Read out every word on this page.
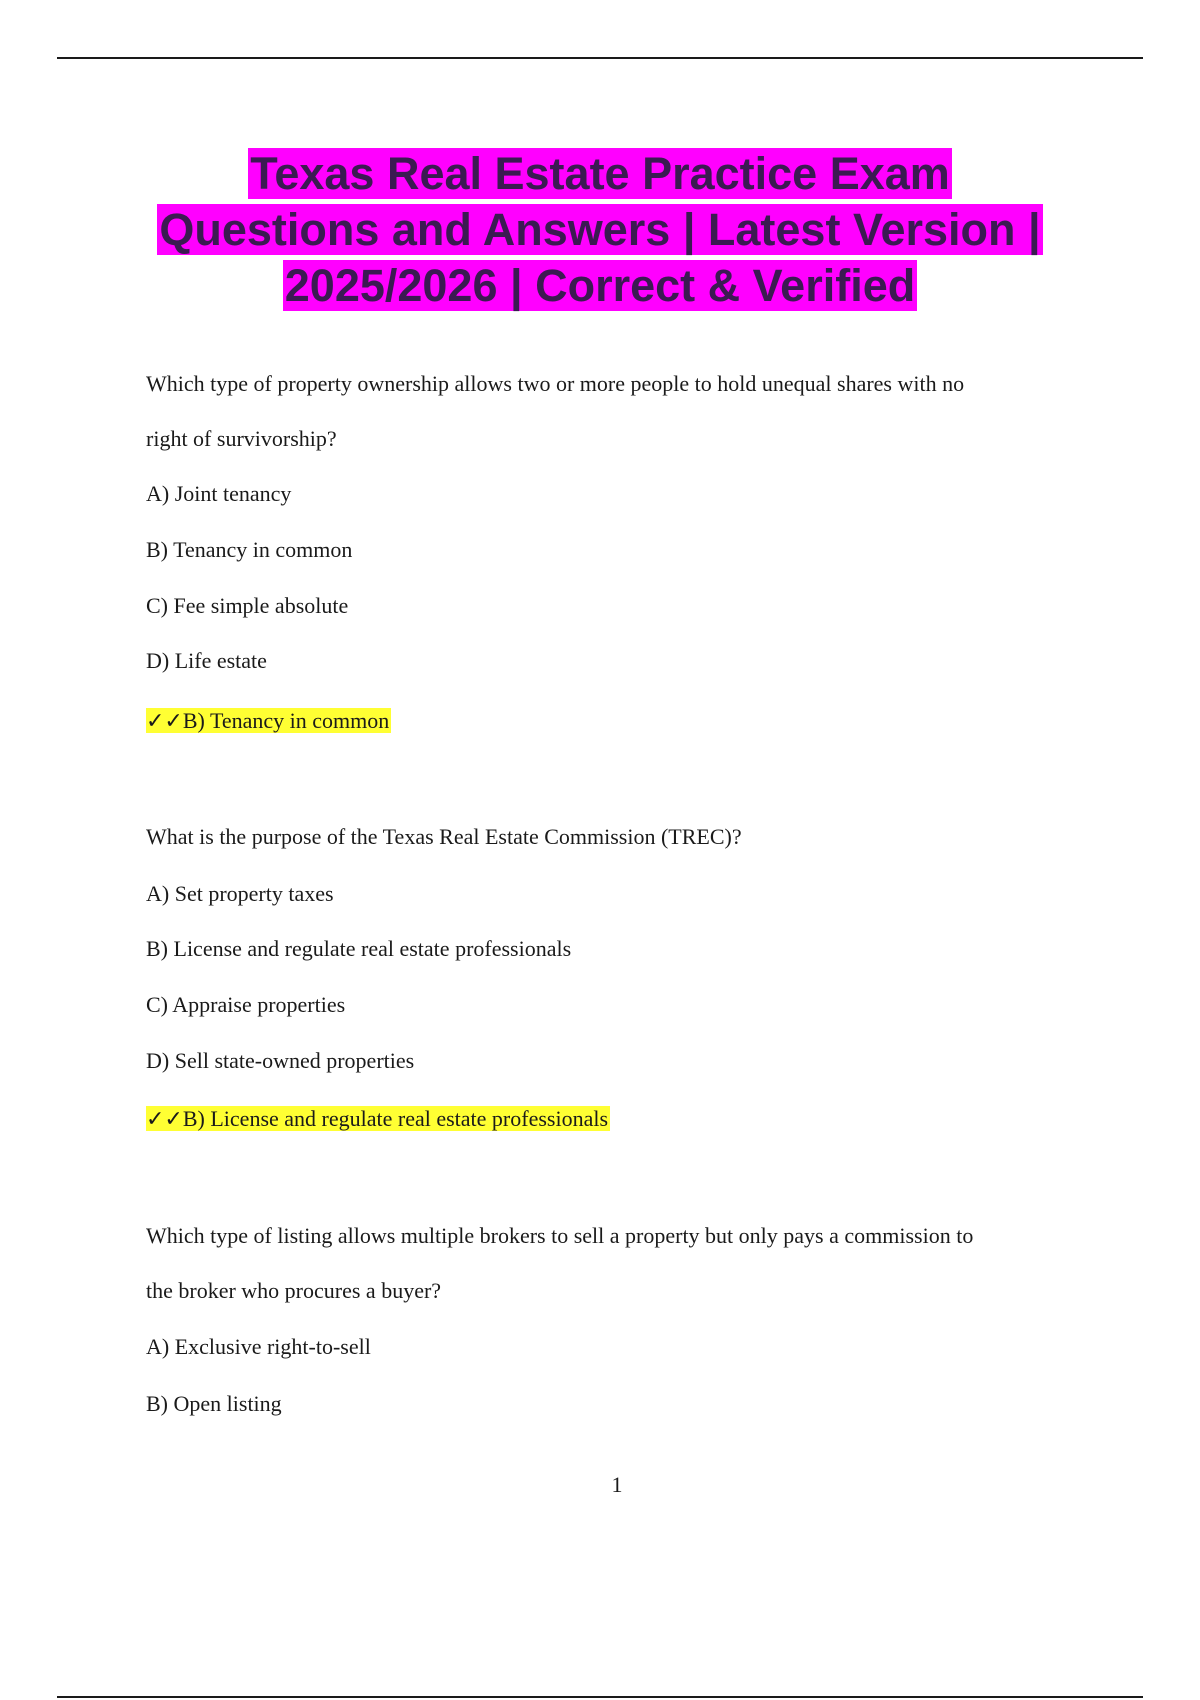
Texas Real Estate Practice Exam Questions and Answers | Latest Version | 2025/2026 | Correct & Verified
Which type of property ownership allows two or more people to hold unequal shares with no
right of survivorship?
A) Joint tenancy
B) Tenancy in common
C) Fee simple absolute
D) Life estate
✓✓B) Tenancy in common
What is the purpose of the Texas Real Estate Commission (TREC)?
A) Set property taxes
B) License and regulate real estate professionals
C) Appraise properties
D) Sell state-owned properties
✓✓B) License and regulate real estate professionals
Which type of listing allows multiple brokers to sell a property but only pays a commission to
the broker who procures a buyer?
A) Exclusive right-to-sell
B) Open listing
1
